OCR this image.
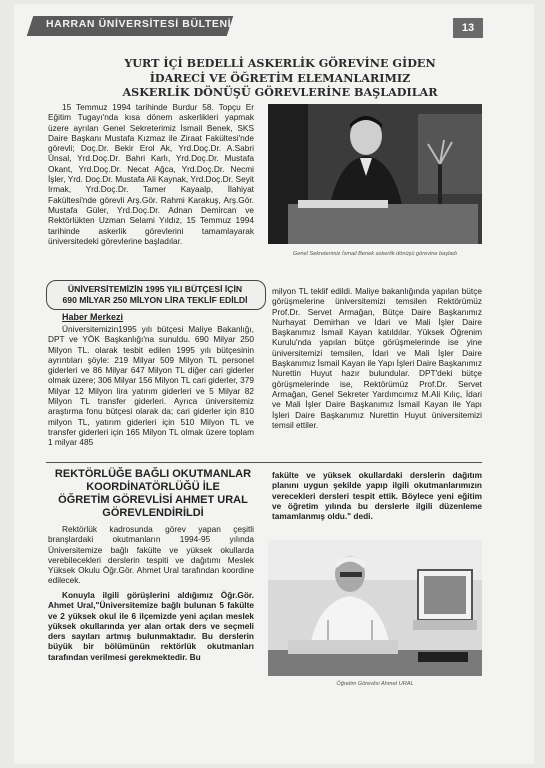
HARRAN ÜNİVERSİTESİ BÜLTENİ	13
YURT İÇİ BEDELLİ ASKERLİK GÖREVİNE GİDEN
İDARECİ VE ÖĞRETİM ELEMANLARIMIZ
ASKERLİK DÖNÜŞÜ GÖREVLERİNE BAŞLADILAR
15 Temmuz 1994 tarihinde Burdur 58. Topçu Er Eğitim Tugayı'nda kısa dönem askerlikleri yapmak üzere ayrılan Genel Sekreterimiz İsmail Benek, SKS Daire Başkanı Mustafa Kızmaz ile Ziraat Fakültesi'nde görevli; Doç.Dr. Bekir Erol Ak, Yrd.Doç.Dr. A.Sabri Ünsal, Yrd.Doç.Dr. Bahri Karlı, Yrd.Doç.Dr. Mustafa Okant, Yrd.Doç.Dr. Necat Ağca, Yrd.Doç.Dr. Necmi İşler, Yrd. Doç.Dr. Mustafa Ali Kaynak, Yrd.Doç.Dr. Seyit Irmak, Yrd.Doç.Dr. Tamer Kayaalp, İlahiyat Fakültesi'nde görevli Arş.Gör. Rahmi Karakuş, Arş.Gör. Mustafa Güler, Yrd.Doç.Dr. Adnan Demircan ve Rektörlükten Uzman Selami Yıldız, 15 Temmuz 1994 tarihinde askerlik görevlerini tamamlayarak üniversitedeki görevlerine başladılar.
Genel Sekreterimiz İsmail Benek askerlik dönüşü görevine başladı
ÜNİVERSİTEMİZİN 1995 YILI BÜTÇESİ İÇİN
690 MİLYAR 250 MİLYON LİRA TEKLİF EDİLDİ
Haber Merkezi
Üniversitemizin1995 yılı bütçesi Maliye Bakanlığı, DPT ve YÖK Başkanlığı'na sunuldu. 690 Milyar 250 Milyon TL. olarak tesbit edilen 1995 yılı bütçesinin ayrıntıları şöyle: 219 Milyar 509 Milyon TL personel giderleri ve 86 Milyar 647 Milyon TL diğer cari giderler olmak üzere; 306 Milyar 156 Milyon TL cari giderler, 379 Milyar 12 Milyon lira yatırım giderleri ve 5 Milyar 82 Milyon TL transfer giderleri. Ayrıca üniversitemiz araştırma fonu bütçesi olarak da; cari giderler için 810 milyon TL, yatırım giderleri için 510 Milyon TL ve transfer giderleri için 165 Milyon TL olmak üzere toplam 1 milyar 485
milyon TL teklif edildi. Maliye bakanlığında yapılan bütçe görüşmelerine üniversitemizi temsilen Rektörümüz Prof.Dr. Servet Armağan, Bütçe Daire Başkanımız Nurhayat Demirhan ve İdari ve Mali İşler Daire Başkanımız İsmail Kayan katıldılar. Yüksek Öğrenim Kurulu'nda yapılan bütçe görüşmelerinde ise yine üniversitemizi temsilen, İdari ve Mali İşler Daire Başkanımız İsmail Kayan ile Yapı İşleri Daire Başkanımız Nurettin Huyut hazır bulundular. DPT'deki bütçe görüşmelerinde ise, Rektörümüz Prof.Dr. Servet Armağan, Genel Sekreter Yardımcımız M.Ali Kılıç, İdari ve Mali İşler Daire Başkanımız İsmail Kayan ile Yapı İşleri Daire Başkanımız Nurettin Huyut üniversitemizi temsil ettiler.
REKTÖRLÜĞE BAĞLI OKUTMANLAR
KOORDİNATÖRLÜĞÜ İLE
ÖĞRETİM GÖREVLİSİ AHMET URAL
GÖREVLENDİRİLDİ
Rektörlük kadrosunda görev yapan çeşitli branşlardaki okutmanların 1994-95 yılında Üniversitemize bağlı fakülte ve yüksek okullarda verebilecekleri derslerin tespiti ve dağıtımı Meslek Yüksek Okulu Öğr.Gör. Ahmet Ural tarafından koordine edilecek.
Konuyla ilgili görüşlerini aldığımız Öğr.Gör. Ahmet Ural,"Üniversitemize bağlı bulunan 5 fakülte ve 2 yüksek okul ile 6 ilçemizde yeni açılan meslek yüksek okullarında yer alan ortak ders ve seçmeli ders sayıları artmış bulunmaktadır. Bu derslerin büyük bir bölümünün rektörlük okutmanları tarafından verilmesi gerekmektedir. Bu
fakülte ve yüksek okullardaki derslerin dağıtım planını uygun şekilde yapıp ilgili okutmanlarımızın verecekleri dersleri tespit ettik. Böylece yeni eğitim ve öğretim yılında bu derslerle ilgili düzenleme tamamlanmış oldu." dedi.
Öğretim Görevlisi Ahmet URAL
